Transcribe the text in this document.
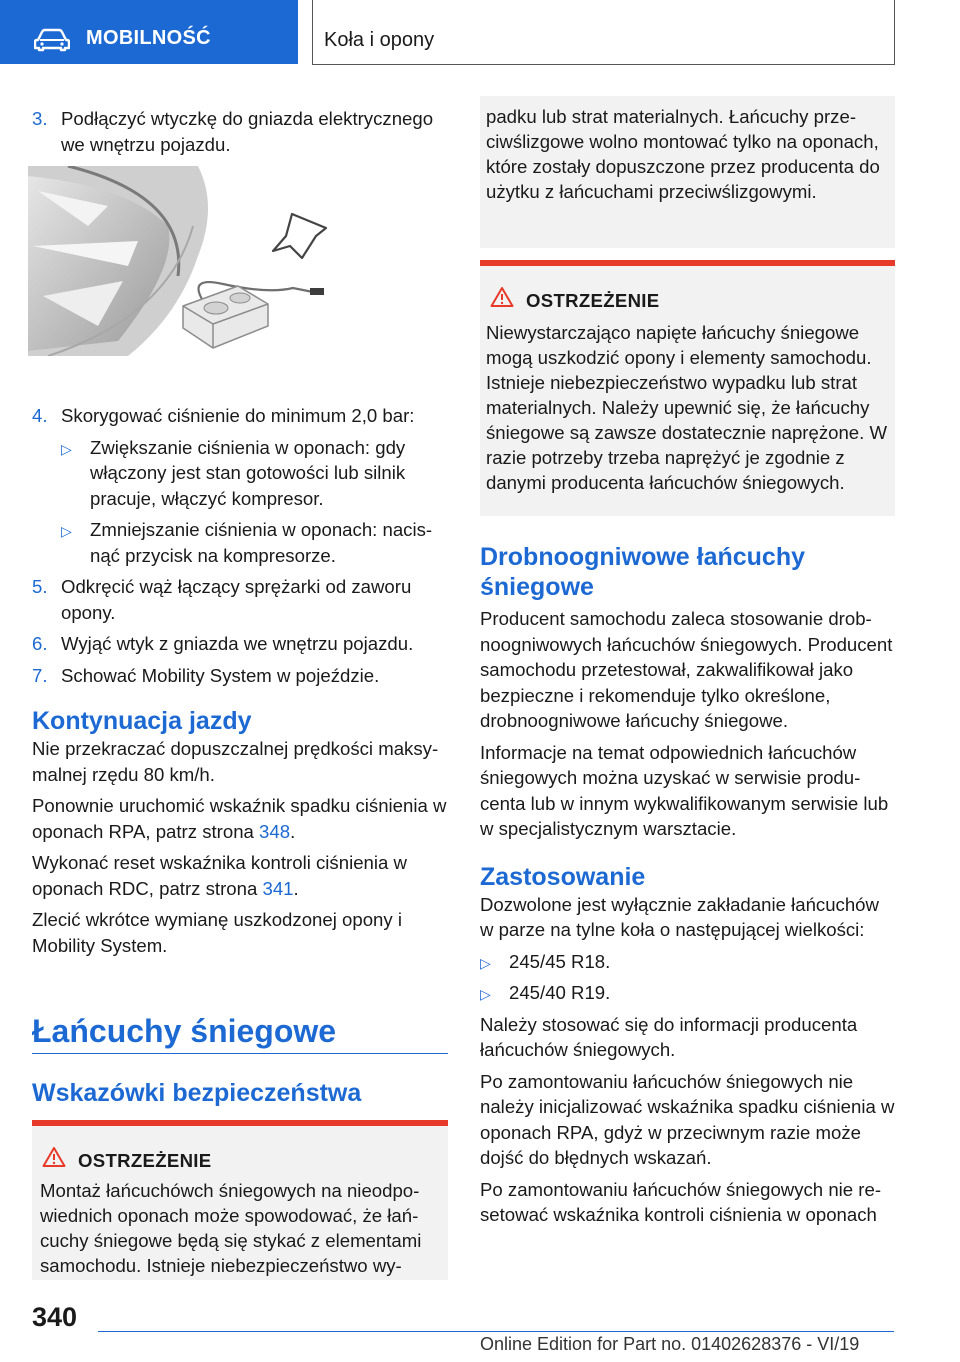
MOBILNOŚĆ	Koła i opony
3. Podłączyć wtyczkę do gniazda elektrycznego we wnętrzu pojazdu.
4. Skorygować ciśnienie do minimum 2,0 bar:
▷ Zwiększanie ciśnienia w oponach: gdy włączony jest stan gotowości lub silnik pracuje, włączyć kompresor.
▷ Zmniejszanie ciśnienia w oponach: nacisnąć przycisk na kompresorze.
5. Odkręcić wąż łączący sprężarki od zaworu opony.
6. Wyjąć wtyk z gniazda we wnętrzu pojazdu.
7. Schować Mobility System w pojeździe.
Kontynuacja jazdy

Nie przekraczać dopuszczalnej prędkości maksymalnej rzędu 80 km/h.

Ponownie uruchomić wskaźnik spadku ciśnienia w oponach RPA, patrz strona 348.

Wykonać reset wskaźnika kontroli ciśnienia w oponach RDC, patrz strona 341.

Zlecić wkrótce wymianę uszkodzonej opony i Mobility System.

Łańcuchy śniegowe
Wskazówki bezpieczeństwa
OSTRZEŻENIE
Montaż łańcuchówch śniegowych na nieodpowiednich oponach może spowodować, że łańcuchy śniegowe będą się stykać z elementami samochodu. Istnieje niebezpieczeństwo wy-
padku lub strat materialnych. Łańcuchy przeciwślizgowe wolno montować tylko na oponach, które zostały dopuszczone przez producenta do użytku z łańcuchami przeciwślizgowymi.
OSTRZEŻENIE
Niewystarczająco napięte łańcuchy śniegowe mogą uszkodzić opony i elementy samochodu. Istnieje niebezpieczeństwo wypadku lub strat materialnych. Należy upewnić się, że łańcuchy śniegowe są zawsze dostatecznie naprężone. W razie potrzeby trzeba naprężyć je zgodnie z danymi producenta łańcuchów śniegowych.
Drobnoogniwowe łańcuchy śniegowe

Producent samochodu zaleca stosowanie drobnoogniwowych łańcuchów śniegowych. Producent samochodu przetestował, zakwalifikował jako bezpieczne i rekomenduje tylko określone, drobnoogniwowe łańcuchy śniegowe.

Informacje na temat odpowiednich łańcuchów śniegowych można uzyskać w serwisie producenta lub w innym wykwalifikowanym serwisie lub w specjalistycznym warsztacie.

Zastosowanie

Dozwolone jest wyłącznie zakładanie łańcuchów w parze na tylne koła o następującej wielkości:

▷ 245/45 R18.
▷ 245/40 R19.

Należy stosować się do informacji producenta łańcuchów śniegowych.

Po zamontowaniu łańcuchów śniegowych nie należy inicjalizować wskaźnika spadku ciśnienia w oponach RPA, gdyż w przeciwnym razie może dojść do błędnych wskazań.

Po zamontowaniu łańcuchów śniegowych nie resetować wskaźnika kontroli ciśnienia w oponach

340
Online Edition for Part no. 01402628376 - VI/19
